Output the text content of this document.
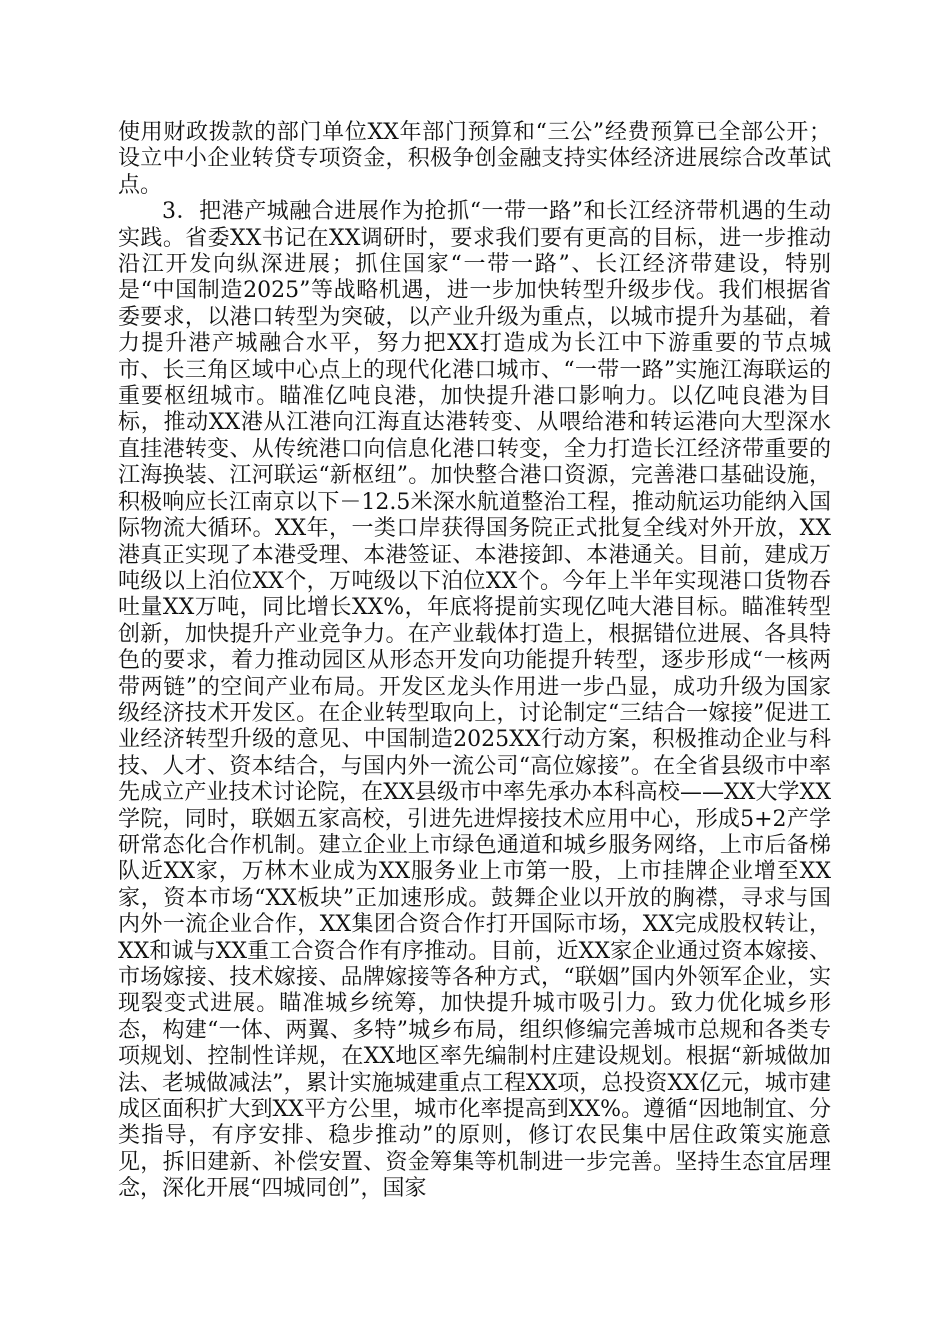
使用财政拨款的部门单位XX年部门预算和“三公”经费预算已全部公开；设立中小企业转贷专项资金，积极争创金融支持实体经济进展综合改革试点。

3．把港产城融合进展作为抢抓“一带一路”和长江经济带机遇的生动实践。省委XX书记在XX调研时，要求我们要有更高的目标，进一步推动沿江开发向纵深进展；抓住国家“一带一路”、长江经济带建设，特别是“中国制造2025”等战略机遇，进一步加快转型升级步伐。我们根据省委要求，以港口转型为突破，以产业升级为重点，以城市提升为基础，着力提升港产城融合水平，努力把XX打造成为长江中下游重要的节点城市、长三角区域中心点上的现代化港口城市、“一带一路”实施江海联运的重要枢纽城市。瞄准亿吨良港，加快提升港口影响力。以亿吨良港为目标，推动XX港从江港向江海直达港转变、从喂给港和转运港向大型深水直挂港转变、从传统港口向信息化港口转变，全力打造长江经济带重要的江海换装、江河联运“新枢纽”。加快整合港口资源，完善港口基础设施，积极响应长江南京以下－12.5米深水航道整治工程，推动航运功能纳入国际物流大循环。XX年，一类口岸获得国务院正式批复全线对外开放，XX港真正实现了本港受理、本港签证、本港接卸、本港通关。目前，建成万吨级以上泊位XX个，万吨级以下泊位XX个。今年上半年实现港口货物吞吐量XX万吨，同比增长XX%，年底将提前实现亿吨大港目标。瞄准转型创新，加快提升产业竞争力。在产业载体打造上，根据错位进展、各具特色的要求，着力推动园区从形态开发向功能提升转型，逐步形成“一核两带两链”的空间产业布局。开发区龙头作用进一步凸显，成功升级为国家级经济技术开发区。在企业转型取向上，讨论制定“三结合一嫁接”促进工业经济转型升级的意见、中国制造2025XX行动方案，积极推动企业与科技、人才、资本结合，与国内外一流公司“高位嫁接”。在全省县级市中率先成立产业技术讨论院，在XX县级市中率先承办本科高校——XX大学XX学院，同时，联姻五家高校，引进先进焊接技术应用中心，形成5+2产学研常态化合作机制。建立企业上市绿色通道和城乡服务网络，上市后备梯队近XX家，万林木业成为XX服务业上市第一股，上市挂牌企业增至XX家，资本市场“XX板块”正加速形成。鼓舞企业以开放的胸襟，寻求与国内外一流企业合作，XX集团合资合作打开国际市场，XX完成股权转让，XX和诚与XX重工合资合作有序推动。目前，近XX家企业通过资本嫁接、市场嫁接、技术嫁接、品牌嫁接等各种方式，“联姻”国内外领军企业，实现裂变式进展。瞄准城乡统筹，加快提升城市吸引力。致力优化城乡形态，构建“一体、两翼、多特”城乡布局，组织修编完善城市总规和各类专项规划、控制性详规，在XX地区率先编制村庄建设规划。根据“新城做加法、老城做减法”，累计实施城建重点工程XX项，总投资XX亿元，城市建成区面积扩大到XX平方公里，城市化率提高到XX%。遵循“因地制宜、分类指导，有序安排、稳步推动”的原则，修订农民集中居住政策实施意见，拆旧建新、补偿安置、资金筹集等机制进一步完善。坚持生态宜居理念，深化开展“四城同创”，国家
